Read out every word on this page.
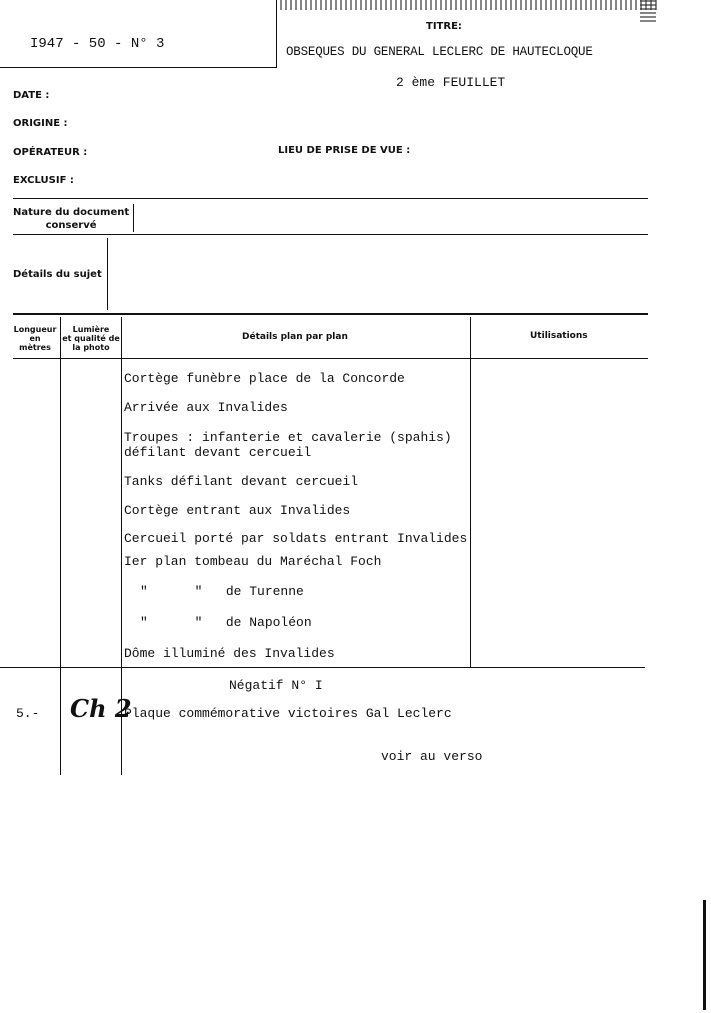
I947 - 50 - N° 3
TITRE:
OBSEQUES DU GENERAL LECLERC DE HAUTECLOQUE
2 ème FEUILLET
DATE :
ORIGINE :
OPÉRATEUR :	LIEU DE PRISE DE VUE :
EXCLUSIF :
Nature du document
conservé
Détails du sujet
Longueur
en
mètres
Lumière
et qualité de
la photo
Détails plan par plan	Utilisations
Cortège funèbre place de la Concorde
Arrivée aux Invalides
Troupes : infanterie et cavalerie (spahis)
défilant devant cercueil
Tanks défilant devant cercueil
Cortège entrant aux Invalides
Cercueil porté par soldats entrant Invalides
Ier plan tombeau du Maréchal Foch
"      "   de Turenne
"      "   de Napoléon
Dôme illuminé des Invalides
Négatif N° I
5.- Ch 2
Plaque commémorative victoires Gal Leclerc
voir au verso
